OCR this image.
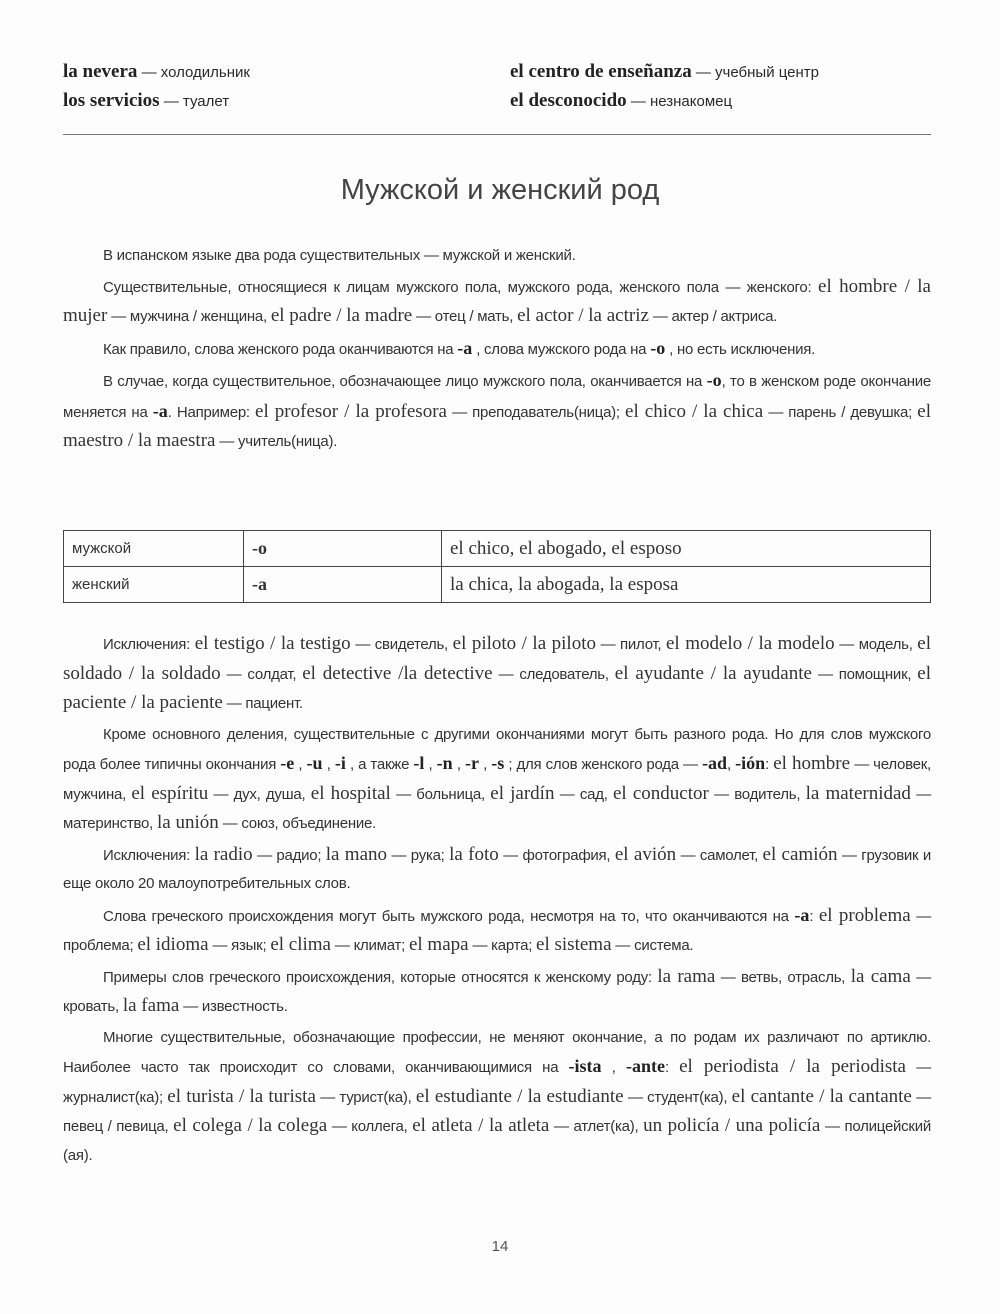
la nevera — холодильник
los servicios — туалет
el centro de enseñanza — учебный центр
el desconocido — незнакомец
Мужской и женский род

В испанском языке два рода существительных — мужской и женский.

Существительные, относящиеся к лицам мужского пола, мужского рода, женского пола — женского: el hombre / la mujer — мужчина / женщина, el padre / la madre — отец / мать, el actor / la actriz — актер / актриса.

Как правило, слова женского рода оканчиваются на -a , слова мужского рода на -o , но есть исключения.

В случае, когда существительное, обозначающее лицо мужского пола, оканчивается на -o, то в женском роде окончание меняется на -a. Например: el profesor / la profesora — преподаватель(ница); el chico / la chica — парень / девушка; el maestro / la maestra — учитель(ница).

мужской	-o	el chico, el abogado, el esposo
женский	-a	la chica, la abogada, la esposa

Исключения: el testigo / la testigo — свидетель, el piloto / la piloto — пилот, el modelo / la modelo — модель, el soldado / la soldado — солдат, el detective /la detective — следователь, el ayudante / la ayudante — помощник, el paciente / la paciente — пациент.

Кроме основного деления, существительные с другими окончаниями могут быть разного рода. Но для слов мужского рода более типичны окончания -e , -u , -i , а также -l , -n , -r , -s ; для слов женского рода — -ad, -ión: el hombre — человек, мужчина, el espíritu — дух, душа, el hospital — больница, el jardín — сад, el conductor — водитель, la maternidad — материнство, la unión — союз, объединение.

Исключения: la radio — радио; la mano — рука; la foto — фотография, el avión — самолет, el camión — грузовик и еще около 20 малоупотребительных слов.

Слова греческого происхождения могут быть мужского рода, несмотря на то, что оканчиваются на -a: el problema — проблема; el idioma — язык; el clima — климат; el mapa — карта; el sistema — система.

Примеры слов греческого происхождения, которые относятся к женскому роду: la rama — ветвь, отрасль, la cama — кровать, la fama — известность.

Многие существительные, обозначающие профессии, не меняют окончание, а по родам их различают по артиклю. Наиболее часто так происходит со словами, оканчивающимися на -ista , -ante: el periodista / la periodista — журналист(ка); el turista / la turista — турист(ка), el estudiante / la estudiante — студент(ка), el cantante / la cantante — певец / певица, el colega / la colega — коллега, el atleta / la atleta — атлет(ка), un policía / una policía — полицейский (ая).

14
